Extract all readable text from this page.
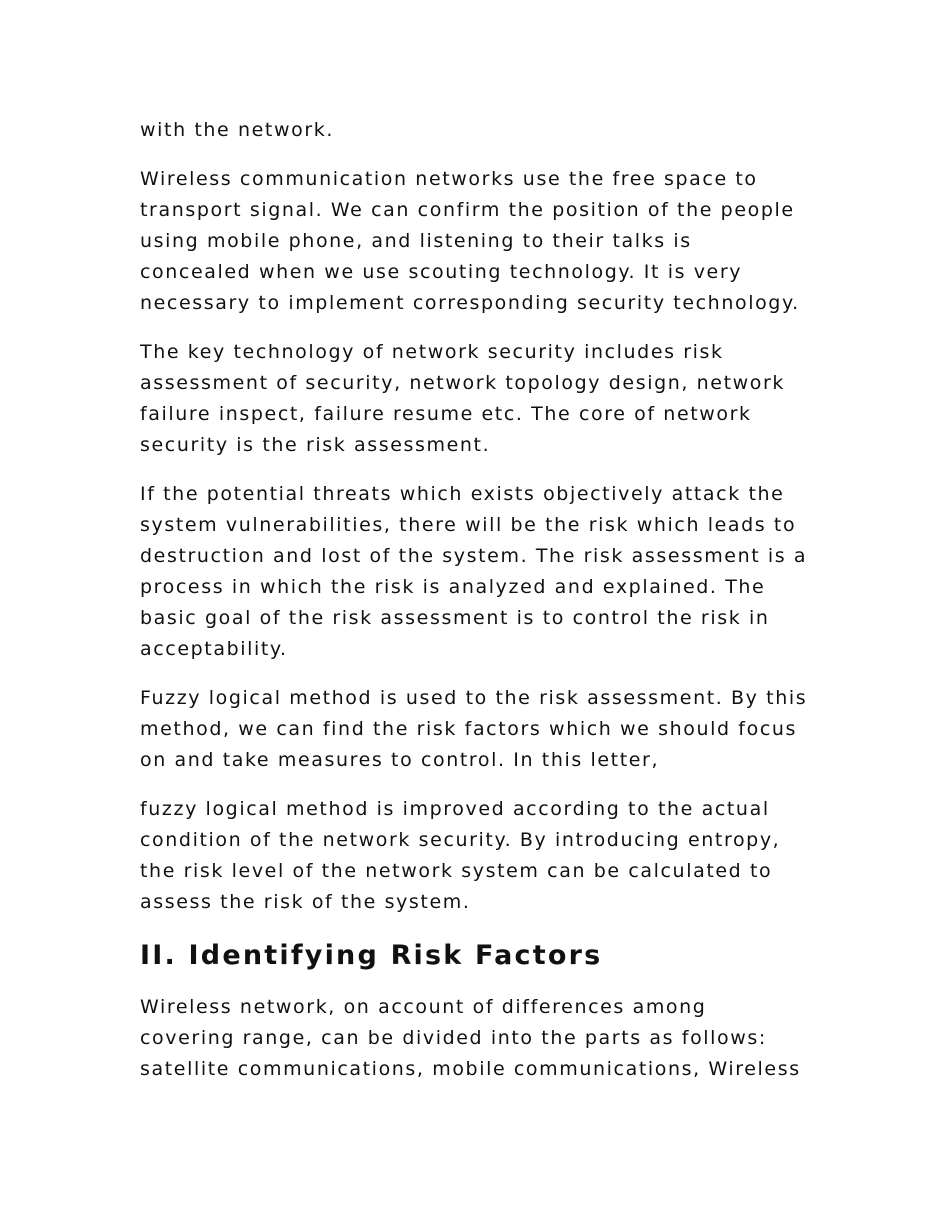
with the network.

Wireless communication networks use the free space to
transport signal. We can confirm the position of the people
using mobile phone, and listening to their talks is
concealed when we use scouting technology. It is very
necessary to implement corresponding security technology.

The key technology of network security includes risk
assessment of security, network topology design, network
failure inspect, failure resume etc. The core of network
security is the risk assessment.

If the potential threats which exists objectively attack the
system vulnerabilities, there will be the risk which leads to
destruction and lost of the system. The risk assessment is a
process in which the risk is analyzed and explained. The
basic goal of the risk assessment is to control the risk in
acceptability.

Fuzzy logical method is used to the risk assessment. By this
method, we can find the risk factors which we should focus
on and take measures to control. In this letter,

fuzzy logical method is improved according to the actual
condition of the network security. By introducing entropy,
the risk level of the network system can be calculated to
assess the risk of the system.

II. Identifying Risk Factors

Wireless network, on account of differences among
covering range, can be divided into the parts as follows:
satellite communications, mobile communications, Wireless
